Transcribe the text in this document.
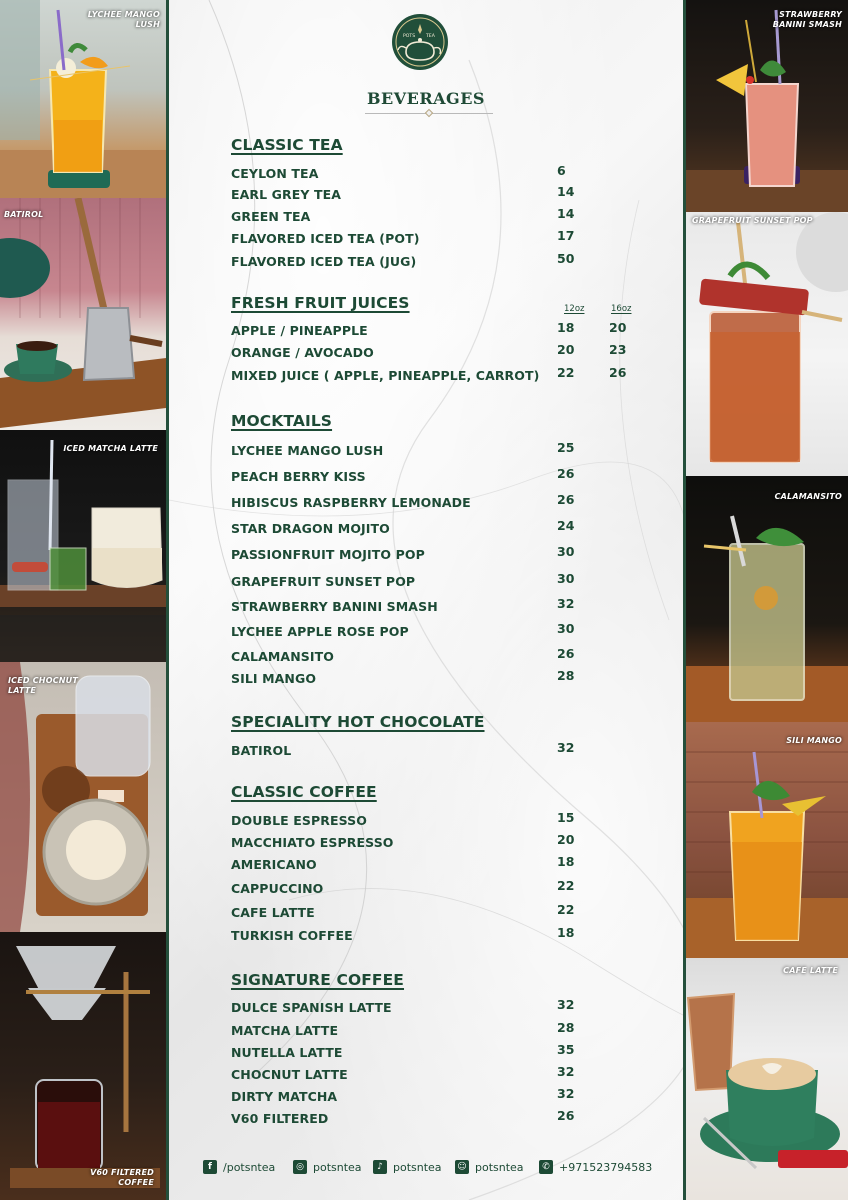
LYCHEE MANGO LUSH
BATIROL
ICED MATCHA LATTE
ICED CHOCNUT LATTE
V60 FILTERED COFFEE
POTS TEA
BEVERAGES
CLASSIC TEA
CEYLON TEA	6
EARL GREY TEA	14
GREEN TEA	14
FLAVORED ICED TEA (POT)	17
FLAVORED ICED TEA (JUG)	50
FRESH FRUIT JUICES	12oz	16oz
APPLE / PINEAPPLE	18	20
ORANGE / AVOCADO	20	23
MIXED JUICE ( APPLE, PINEAPPLE, CARROT) 22	26
MOCKTAILS
LYCHEE MANGO LUSH	25
PEACH BERRY KISS	26
HIBISCUS RASPBERRY LEMONADE	26
STAR DRAGON MOJITO	24
PASSIONFRUIT MOJITO POP	30
GRAPEFRUIT SUNSET POP	30
STRAWBERRY BANINI SMASH	32
LYCHEE APPLE ROSE POP	30
CALAMANSITO	26
SILI MANGO	28
SPECIALITY HOT CHOCOLATE
BATIROL	32
CLASSIC COFFEE
DOUBLE ESPRESSO	15
MACCHIATO ESPRESSO	20
AMERICANO	18
CAPPUCCINO	22
CAFE LATTE	22
TURKISH COFFEE	18
SIGNATURE COFFEE
DULCE SPANISH LATTE	32
MATCHA LATTE	28
NUTELLA LATTE	35
CHOCNUT LATTE	32
DIRTY MATCHA	32
V60 FILTERED	26
f	/potsntea	◎ potsntea	♪ potsntea ☺ potsntea	✆ +971523794583
STRAWBERRY BANINI SMASH
GRAPEFRUIT SUNSET POP
CALAMANSITO
SILI MANGO
CAFE LATTE
